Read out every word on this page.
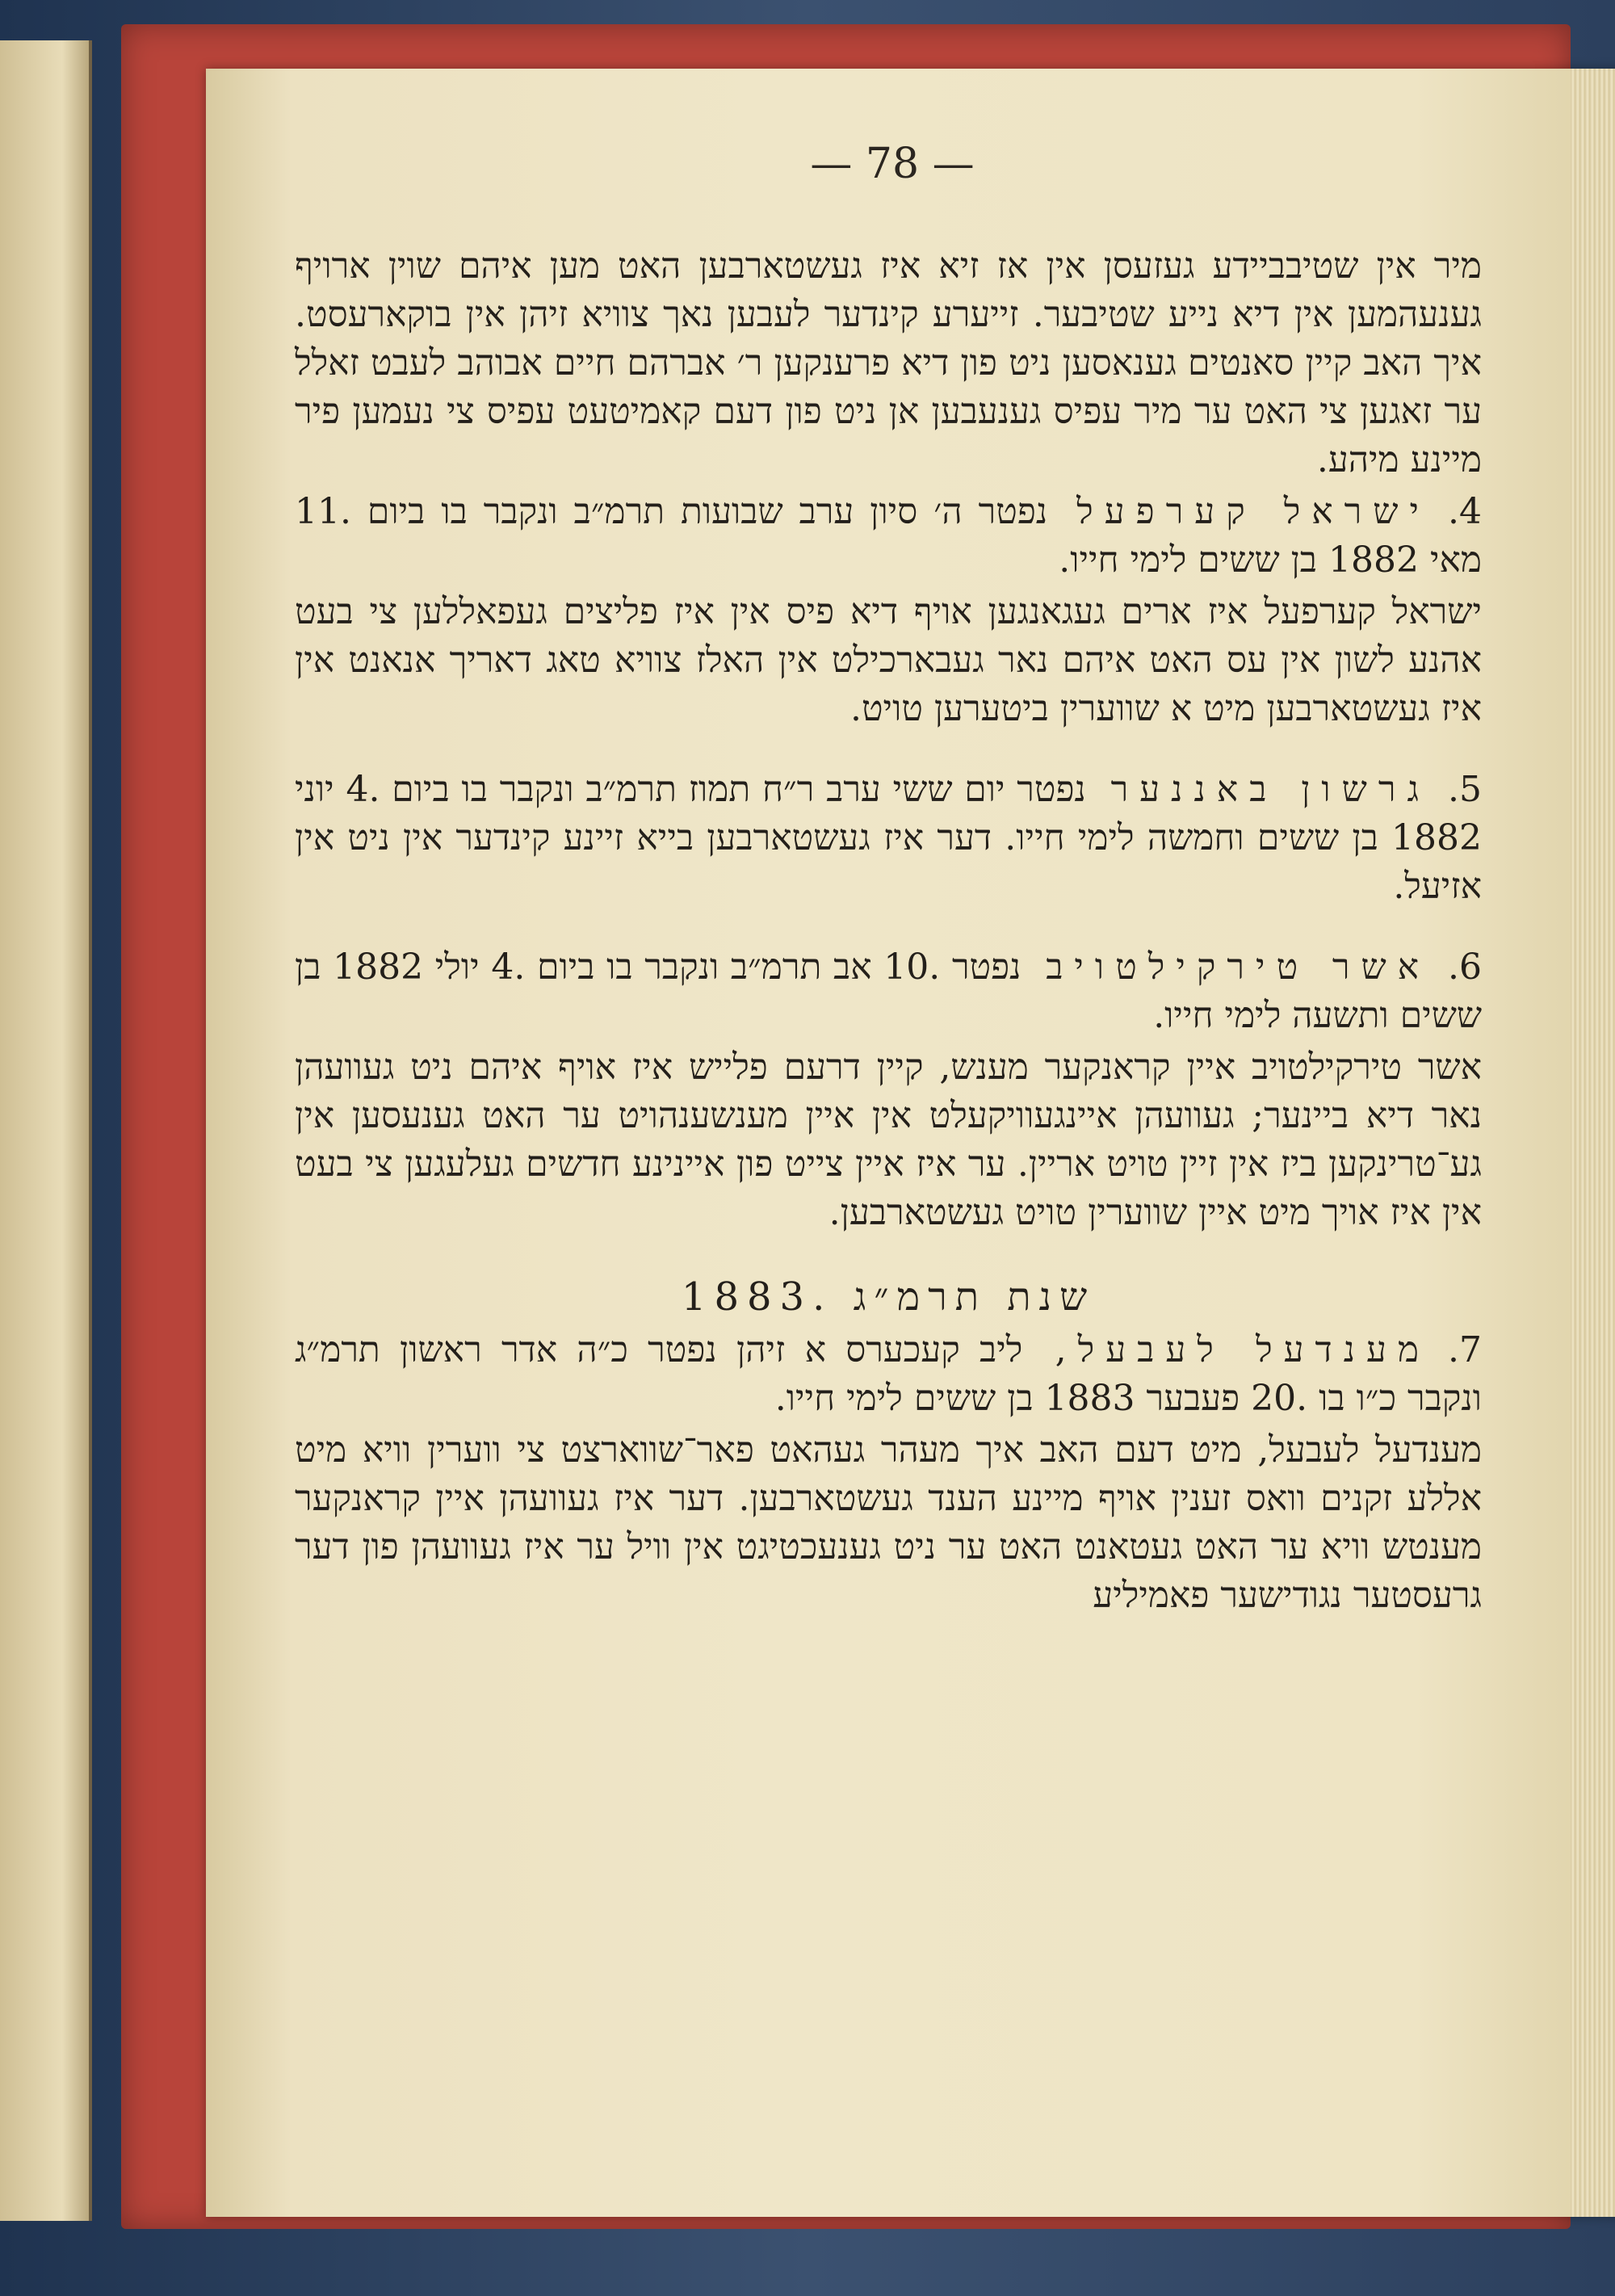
— 78 —

מיר אין שטיבביידע געזעסן אין אז זיא איז געשטארבען האט מען איהם שוין ארויף גענעהמען אין דיא נייע שטיבער. זייערע קינדער לעבען נאך צוויא זיהן אין בוקארעסט. איך האב קיין סאנטים גענאסען ניט פון דיא פרענקען ר׳ אברהם חיים אבוהב לעבט זאלל ער זאגען צי האט ער מיר עפיס גענעבען אן ניט פון דעם קאמיטעט עפיס צי נעמען פיר מיינע מיהע.

4.ישראל קערפעל נפטר ה׳ סיון ערב שבועות תרמ״ב ונקבר בו ביום .11 מאי 1882 בן ששים לימי חייו.

ישראל קערפעל איז ארים געגאנגען אויף דיא פיס אין איז פליצים געפאללען צי בעט אהנע לשון אין עס האט איהם נאר געבארכילט אין האלז צוויא טאג דאריך אנאנט אין איז געשטארבען מיט א שווערין ביטערען טויט.

5.גרשון באננער נפטר יום ששי ערב ר״ח תמוז תרמ״ב ונקבר בו ביום .4 יוני 1882 בן ששים וחמשה לימי חייו. דער איז געשטארבען בייא זיינע קינדער אין ניט אין אזיעל.

6.אשר טירקילטויב נפטר .10 אב תרמ״ב ונקבר בו ביום .4 יולי 1882 בן ששים ותשעה לימי חייו.

אשר טירקילטויב איין קראנקער מענש, קיין דרעם פלייש איז אויף איהם ניט געוועהן נאר דיא ביינער; געוועהן איינגעוויקעלט אין איין מענשענהויט ער האט גענעסען אין גע־טרינקען ביז אין זיין טויט אריין. ער איז איין צייט פון איינינע חדשים געלעגען צי בעט אין איז אויך מיט איין שווערין טויט געשטארבען.

שנת תרמ״ג .1883

7.מענדעל לעבעל, ליב קעכערס א זיהן נפטר כ״ה אדר ראשון תרמ״ג ונקבר כ״ו בו .20 פעבער 1883 בן ששים לימי חייו.

מענדעל לעבעל, מיט דעם האב איך מעהר געהאט פאר־שווארצט צי ווערין וויא מיט אללע זקנים וואס זענין אויף מיינע הענד געשטארבען. דער איז געוועהן איין קראנקער מענטש וויא ער האט געטאנט האט ער ניט גענעכטיגט אין וויל ער איז געוועהן פון דער גרעסטער נגודישער פאמיליע
